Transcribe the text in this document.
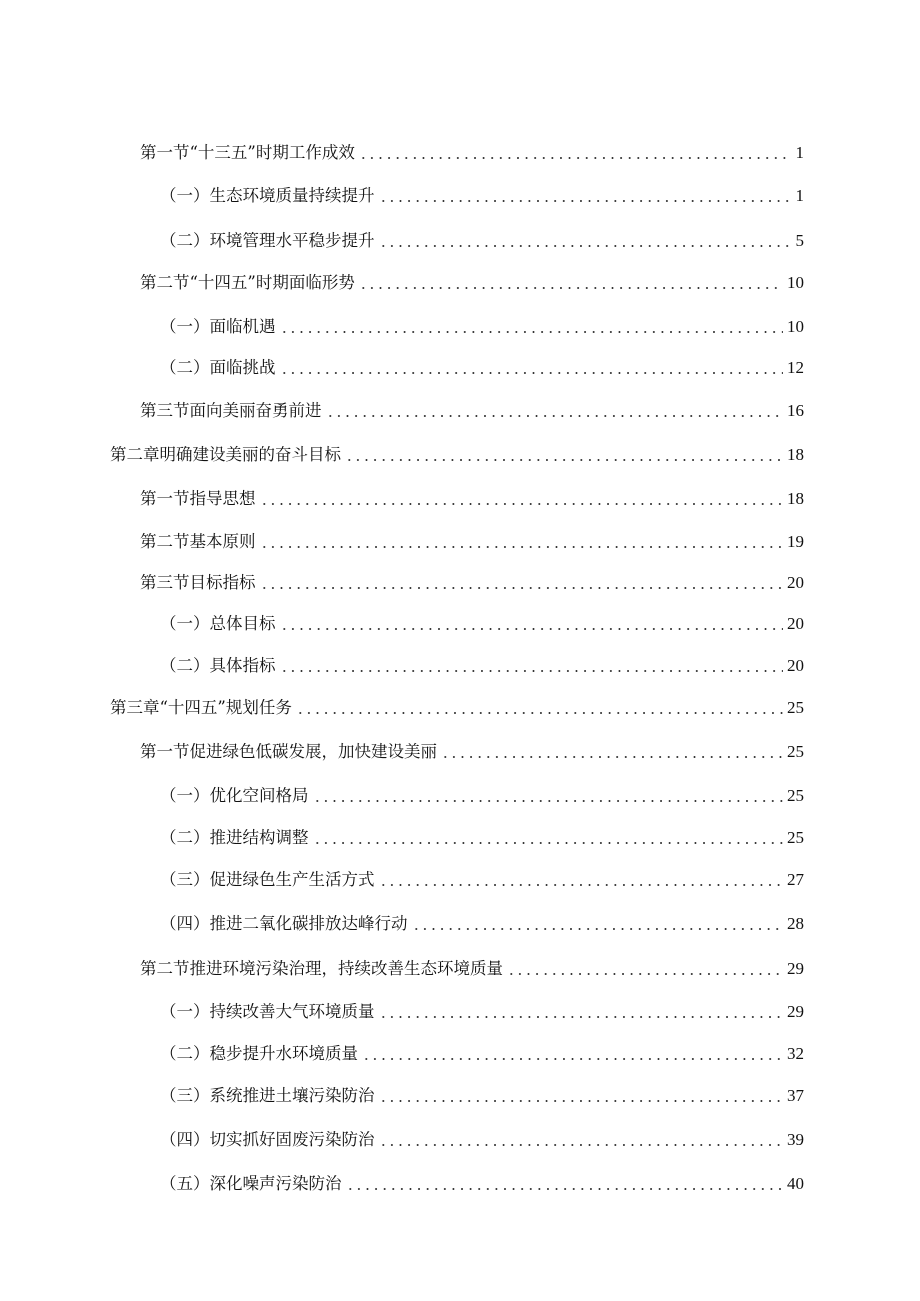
第一节“十三五”时期工作成效	1
（一）生态环境质量持续提升	1
（二）环境管理水平稳步提升	5
第二节“十四五”时期面临形势	10
（一）面临机遇	10
（二）面临挑战	12
第三节面向美丽奋勇前进	16
第二章明确建设美丽的奋斗目标	18
第一节指导思想	18
第二节基本原则	19
第三节目标指标	20
（一）总体目标	20
（二）具体指标	20
第三章“十四五”规划任务	25
第一节促进绿色低碳发展，加快建设美丽	25
（一）优化空间格局	25
（二）推进结构调整	25
（三）促进绿色生产生活方式	27
（四）推进二氧化碳排放达峰行动	28
第二节推进环境污染治理，持续改善生态环境质量	29
（一）持续改善大气环境质量	29
（二）稳步提升水环境质量	32
（三）系统推进土壤污染防治	37
（四）切实抓好固废污染防治	39
（五）深化噪声污染防治	40
